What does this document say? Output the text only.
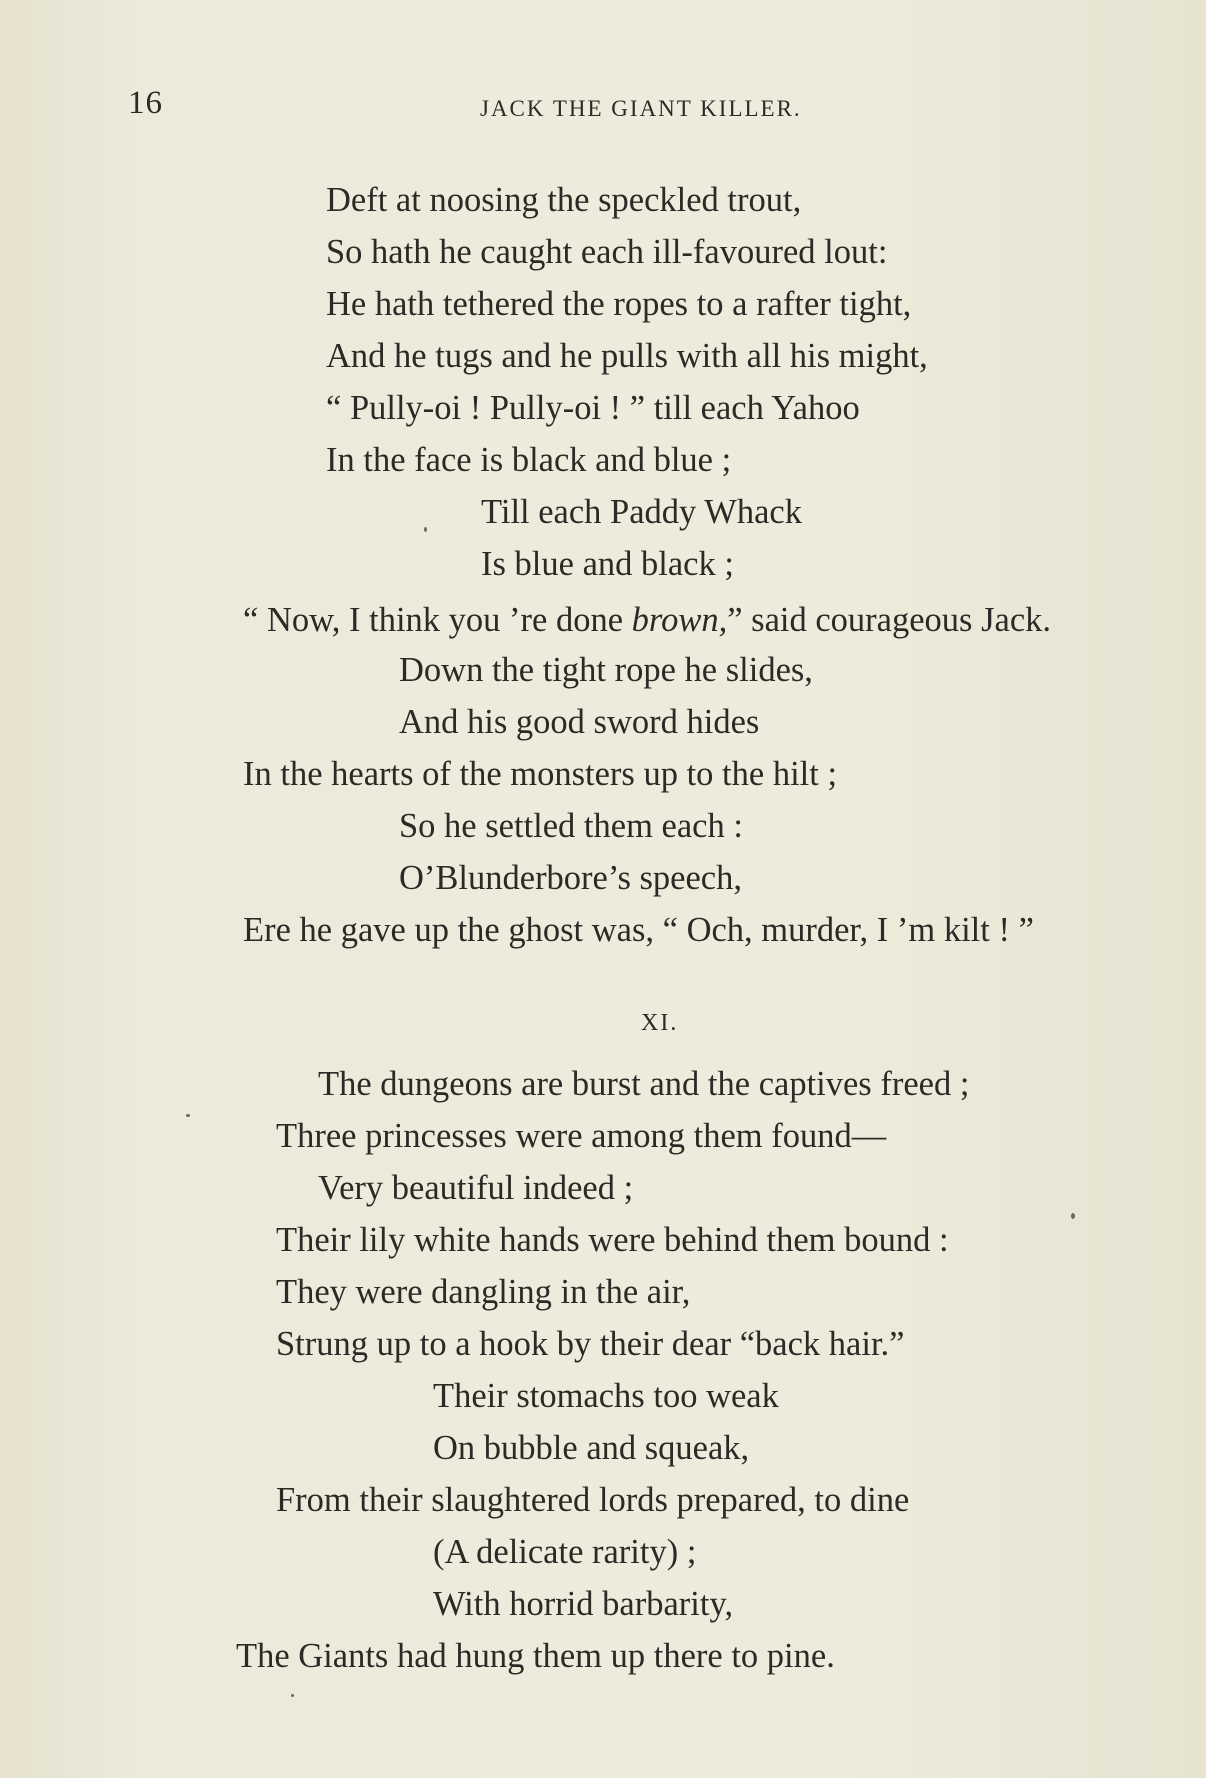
16	JACK THE GIANT KILLER.
Deft at noosing the speckled trout,
So hath he caught each ill-favoured lout:
He hath tethered the ropes to a rafter tight,
And he tugs and he pulls with all his might,
“ Pully-oi ! Pully-oi ! ” till each Yahoo
In the face is black and blue ;
Till each Paddy Whack
Is blue and black ;
“ Now, I think you ’re done brown,” said courageous Jack.
Down the tight rope he slides,
And his good sword hides
In the hearts of the monsters up to the hilt ;
So he settled them each :
O’Blunderbore’s speech,
Ere he gave up the ghost was, “ Och, murder, I ’m kilt ! ”
XI.
The dungeons are burst and the captives freed ;
Three princesses were among them found—
Very beautiful indeed ;
Their lily white hands were behind them bound :
They were dangling in the air,
Strung up to a hook by their dear “back hair.”
Their stomachs too weak
On bubble and squeak,
From their slaughtered lords prepared, to dine
(A delicate rarity) ;
With horrid barbarity,
The Giants had hung them up there to pine.
